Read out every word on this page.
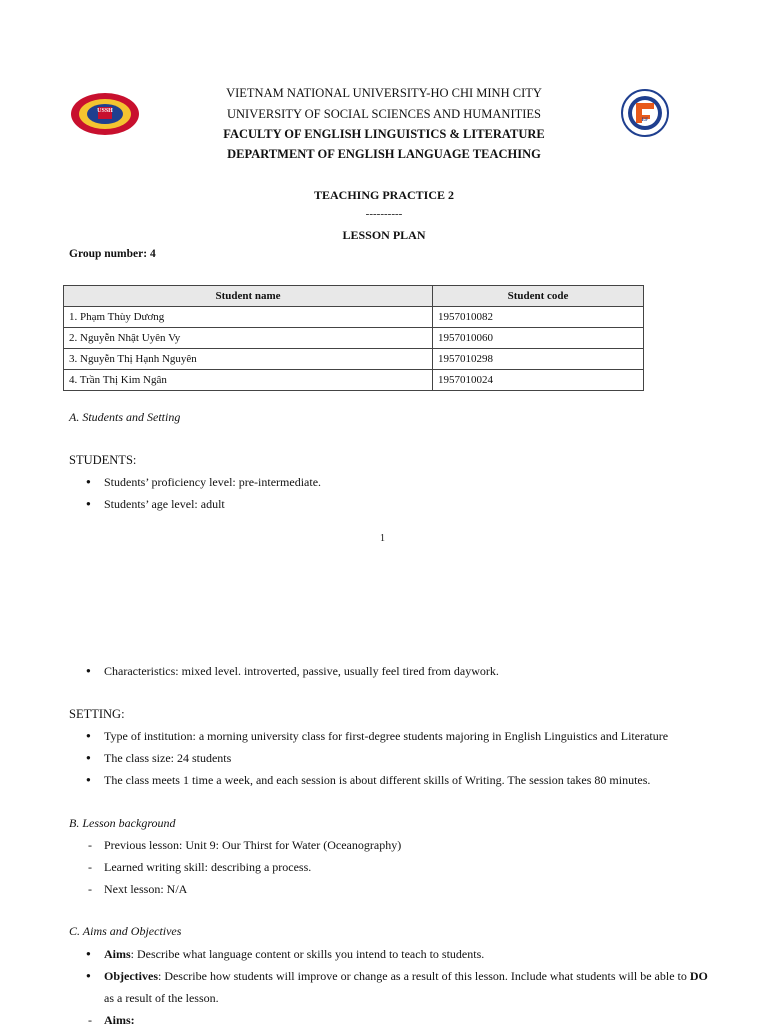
USSH
EF
VIETNAM NATIONAL UNIVERSITY-HO CHI MINH CITY
UNIVERSITY OF SOCIAL SCIENCES AND HUMANITIES
FACULTY OF ENGLISH LINGUISTICS & LITERATURE
DEPARTMENT OF ENGLISH LANGUAGE TEACHING
TEACHING PRACTICE 2
----------
LESSON PLAN
Group number: 4
Student name	Student code
1. Phạm Thùy Dương	1957010082
2. Nguyễn Nhật Uyên Vy	1957010060
3. Nguyễn Thị Hạnh Nguyên	1957010298
4. Trần Thị Kim Ngân	1957010024
A. Students and Setting
STUDENTS:
● Students’ proficiency level: pre-intermediate.
● Students’ age level: adult
1
● Characteristics: mixed level. introverted, passive, usually feel tired from daywork.
SETTING:
● Type of institution: a morning university class for first-degree students majoring in English Linguistics and Literature
● The class size: 24 students
● The class meets 1 time a week, and each session is about different skills of Writing. The session takes 80 minutes.
B. Lesson background
- Previous lesson: Unit 9: Our Thirst for Water (Oceanography)
- Learned writing skill: describing a process.
- Next lesson: N/A
C. Aims and Objectives
● Aims: Describe what language content or skills you intend to teach to students.
● Objectives: Describe how students will improve or change as a result of this lesson. Include what students will be able to DO as a result of the lesson.
- Aims:
